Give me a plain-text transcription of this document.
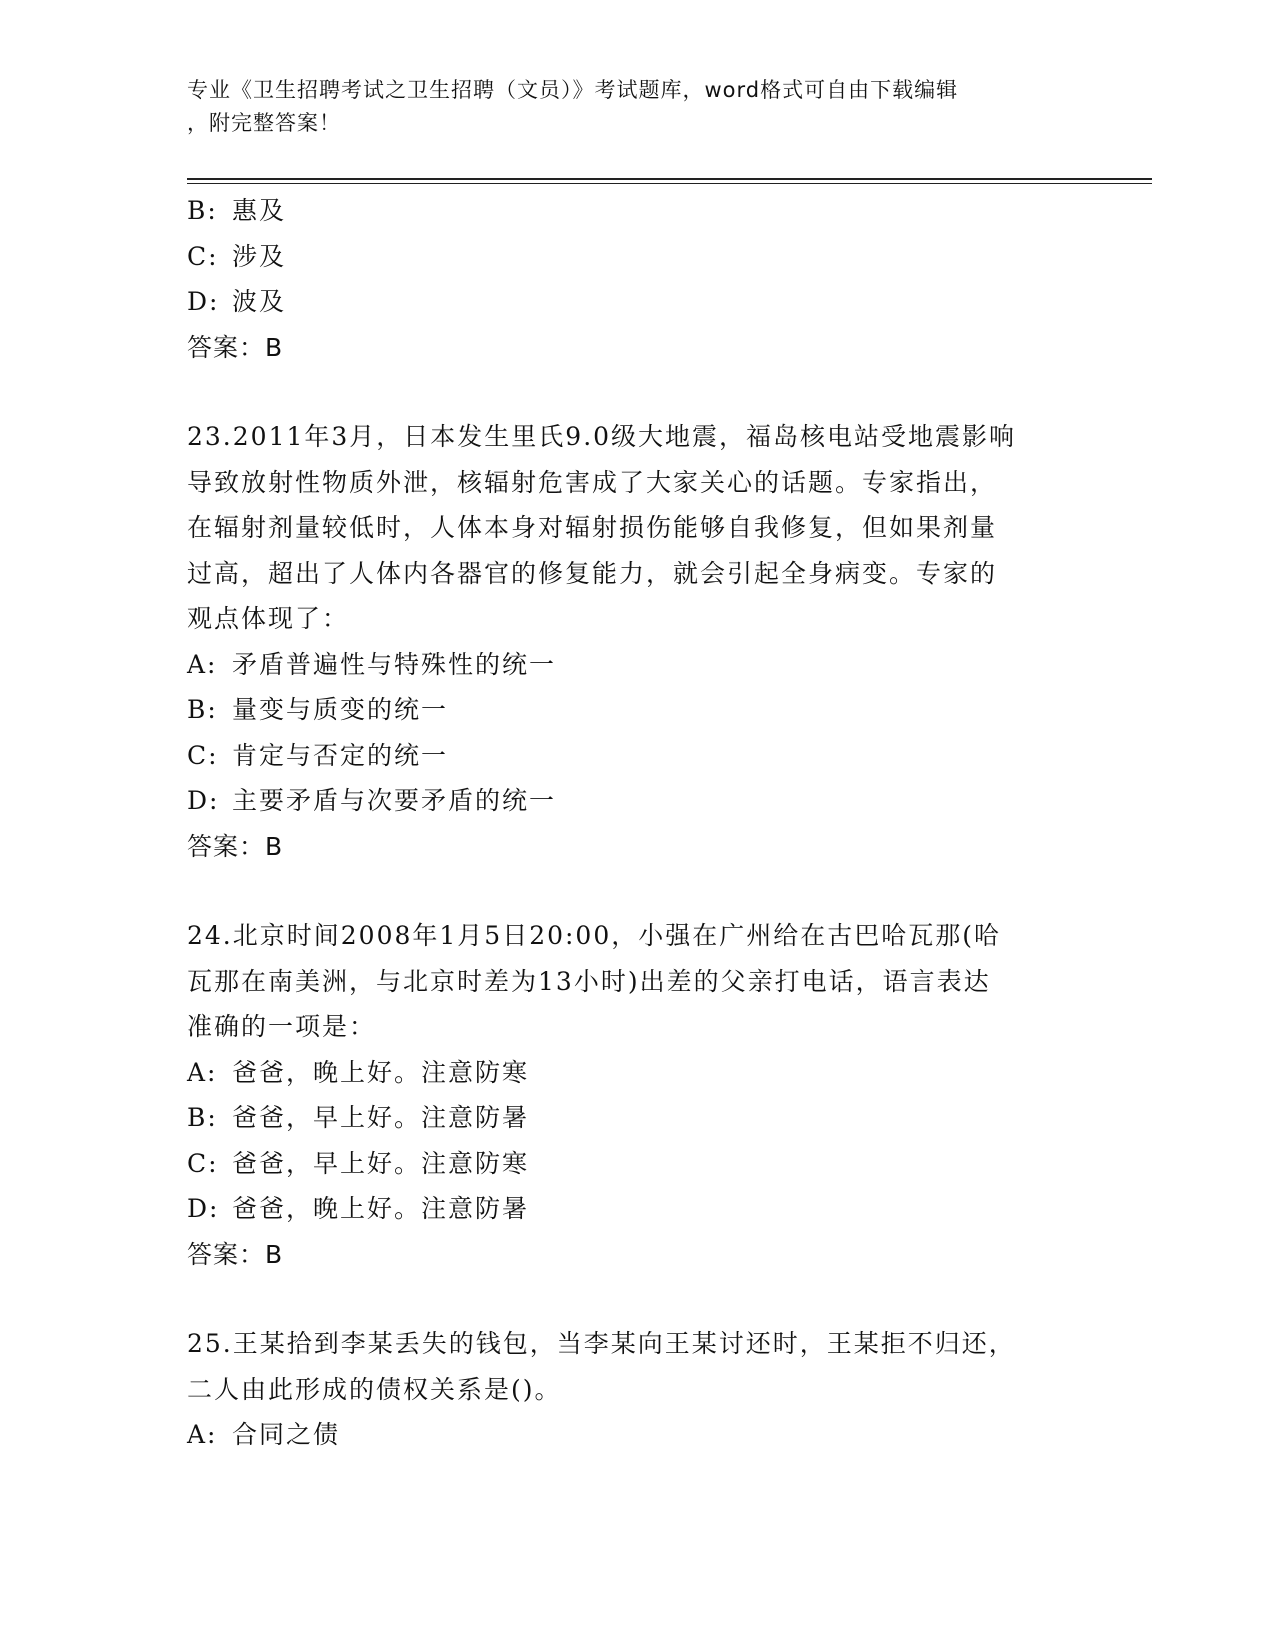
专业《卫生招聘考试之卫生招聘（文员）》考试题库，word格式可自由下载编辑
，附完整答案！
B: 惠及
C: 涉及
D: 波及
答案：B
23.2011年3月，日本发生里氏9.0级大地震，福岛核电站受地震影响
导致放射性物质外泄，核辐射危害成了大家关心的话题。专家指出，
在辐射剂量较低时，人体本身对辐射损伤能够自我修复，但如果剂量
过高，超出了人体内各器官的修复能力，就会引起全身病变。专家的
观点体现了：
A: 矛盾普遍性与特殊性的统一
B: 量变与质变的统一
C: 肯定与否定的统一
D: 主要矛盾与次要矛盾的统一
答案：B
24.北京时间2008年1月5日20:00，小强在广州给在古巴哈瓦那(哈
瓦那在南美洲，与北京时差为13小时)出差的父亲打电话，语言表达
准确的一项是：
A: 爸爸，晚上好。注意防寒
B: 爸爸，早上好。注意防暑
C: 爸爸，早上好。注意防寒
D: 爸爸，晚上好。注意防暑
答案：B
25.王某拾到李某丢失的钱包，当李某向王某讨还时，王某拒不归还，
二人由此形成的债权关系是()。
A: 合同之债
